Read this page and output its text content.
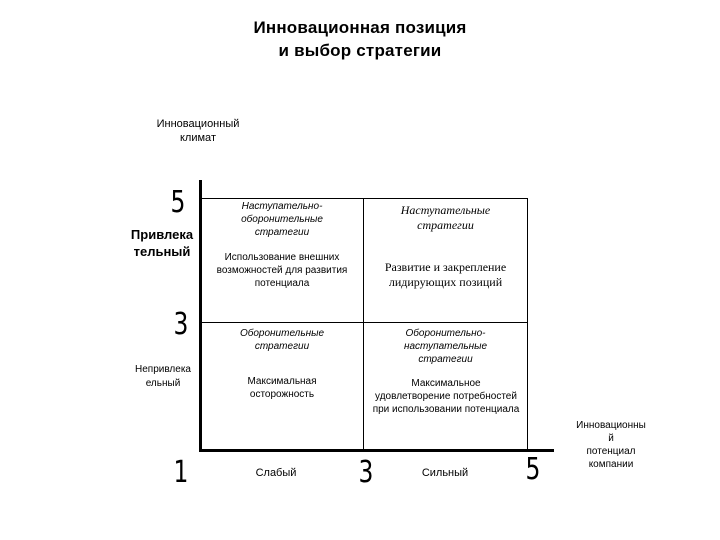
Инновационная позиция
и выбор стратегии
Инновационный
климат
5
3
1
Привлека
тельный
Непривлека
ельный
3	5
Слабый	Сильный
Инновационны
й
потенциал
компании
Наступательно-
оборонительные
стратегии
Использование внешних
возможностей для развития
потенциала
Наступательные
стратегии
Развитие и закрепление
лидирующих позиций
Оборонительные
стратегии
Максимальная
осторожность
Оборонительно-
наступательные
стратегии
Максимальное
удовлетворение потребностей
при использовании потенциала
